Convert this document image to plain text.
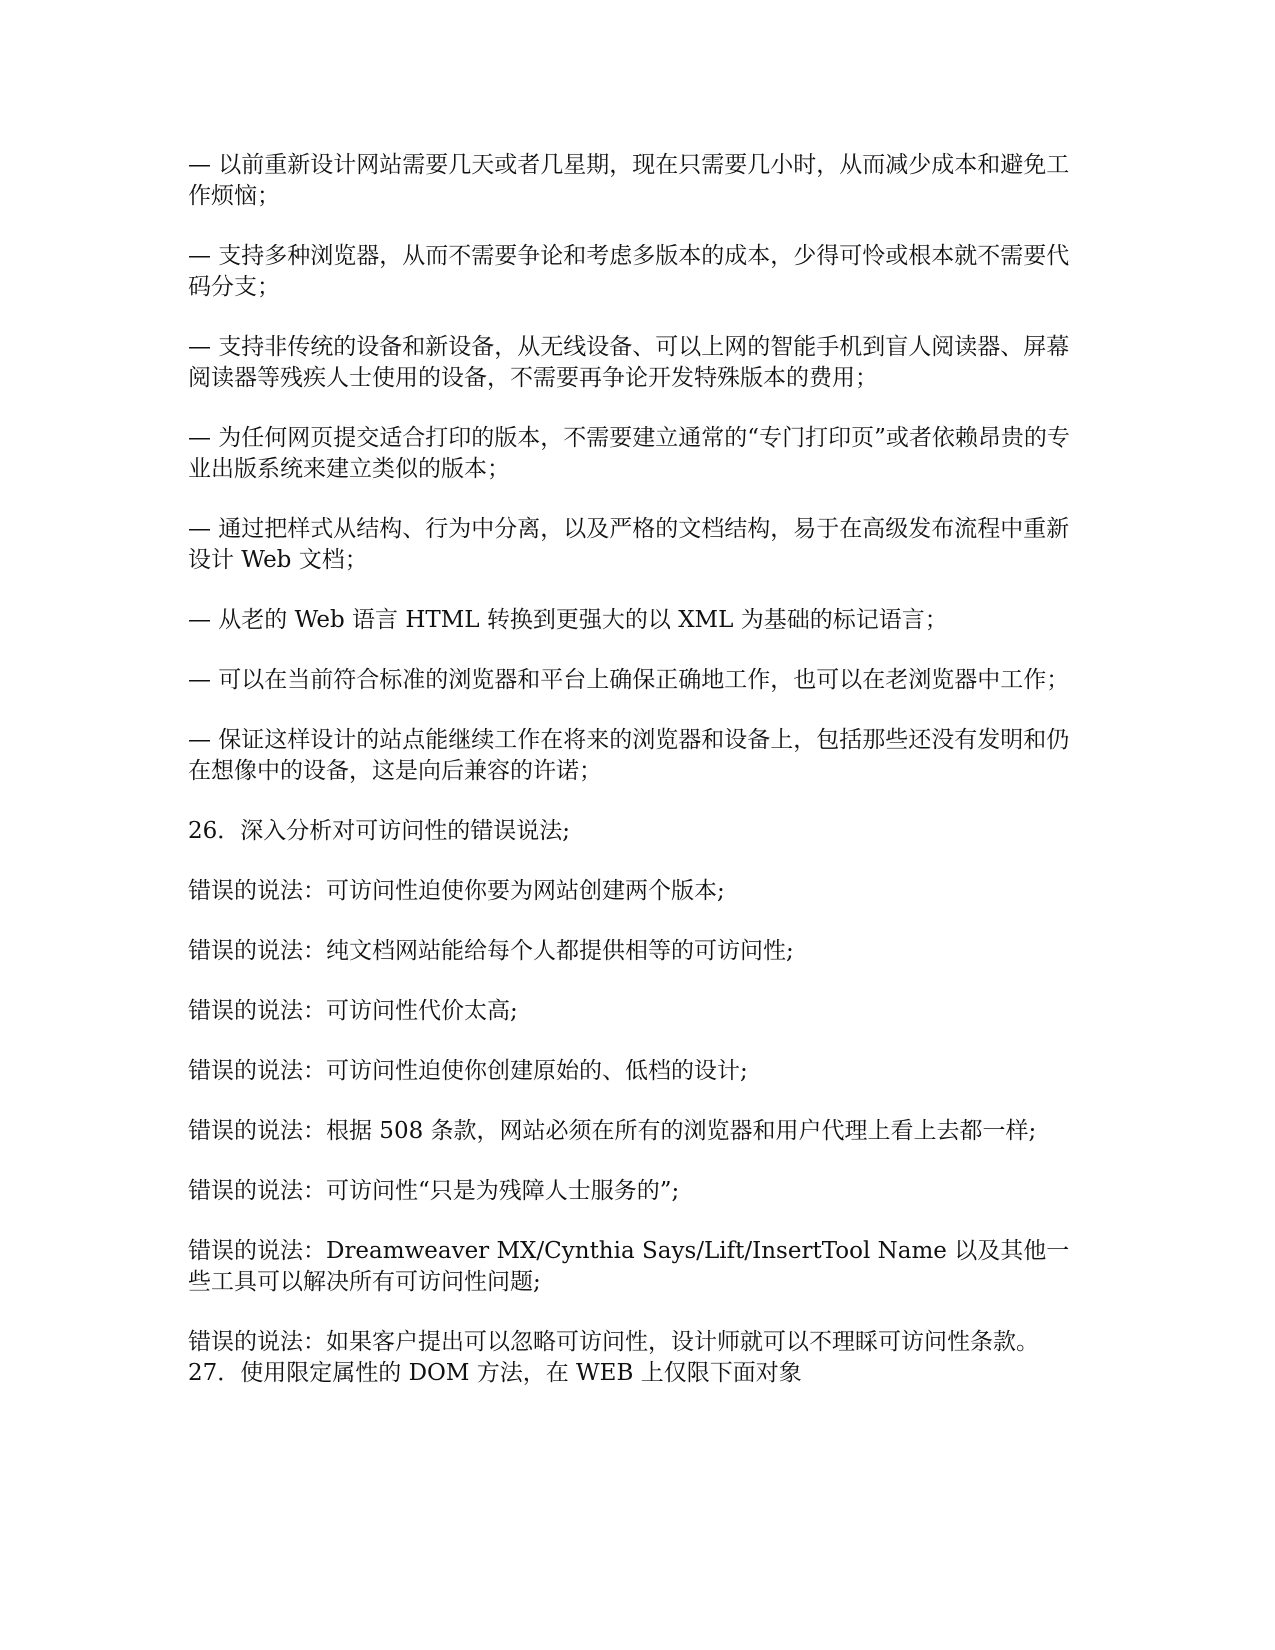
— 以前重新设计网站需要几天或者几星期，现在只需要几小时，从而减少成本和避免工作烦恼；

— 支持多种浏览器，从而不需要争论和考虑多版本的成本，少得可怜或根本就不需要代码分支；

— 支持非传统的设备和新设备，从无线设备、可以上网的智能手机到盲人阅读器、屏幕阅读器等残疾人士使用的设备，不需要再争论开发特殊版本的费用；

— 为任何网页提交适合打印的版本，不需要建立通常的“专门打印页”或者依赖昂贵的专业出版系统来建立类似的版本；

— 通过把样式从结构、行为中分离，以及严格的文档结构，易于在高级发布流程中重新设计 Web 文档；

— 从老的 Web 语言 HTML 转换到更强大的以 XML 为基础的标记语言；

— 可以在当前符合标准的浏览器和平台上确保正确地工作，也可以在老浏览器中工作；

— 保证这样设计的站点能继续工作在将来的浏览器和设备上，包括那些还没有发明和仍在想像中的设备，这是向后兼容的许诺；

26．深入分析对可访问性的错误说法;

错误的说法：可访问性迫使你要为网站创建两个版本;

错误的说法：纯文档网站能给每个人都提供相等的可访问性;

错误的说法：可访问性代价太高;

错误的说法：可访问性迫使你创建原始的、低档的设计;

错误的说法：根据 508 条款，网站必须在所有的浏览器和用户代理上看上去都一样;

错误的说法：可访问性“只是为残障人士服务的”;

错误的说法：Dreamweaver MX/Cynthia Says/Lift/InsertTool Name 以及其他一些工具可以解决所有可访问性问题;

错误的说法：如果客户提出可以忽略可访问性，设计师就可以不理睬可访问性条款。

27．使用限定属性的 DOM 方法，在 WEB 上仅限下面对象
